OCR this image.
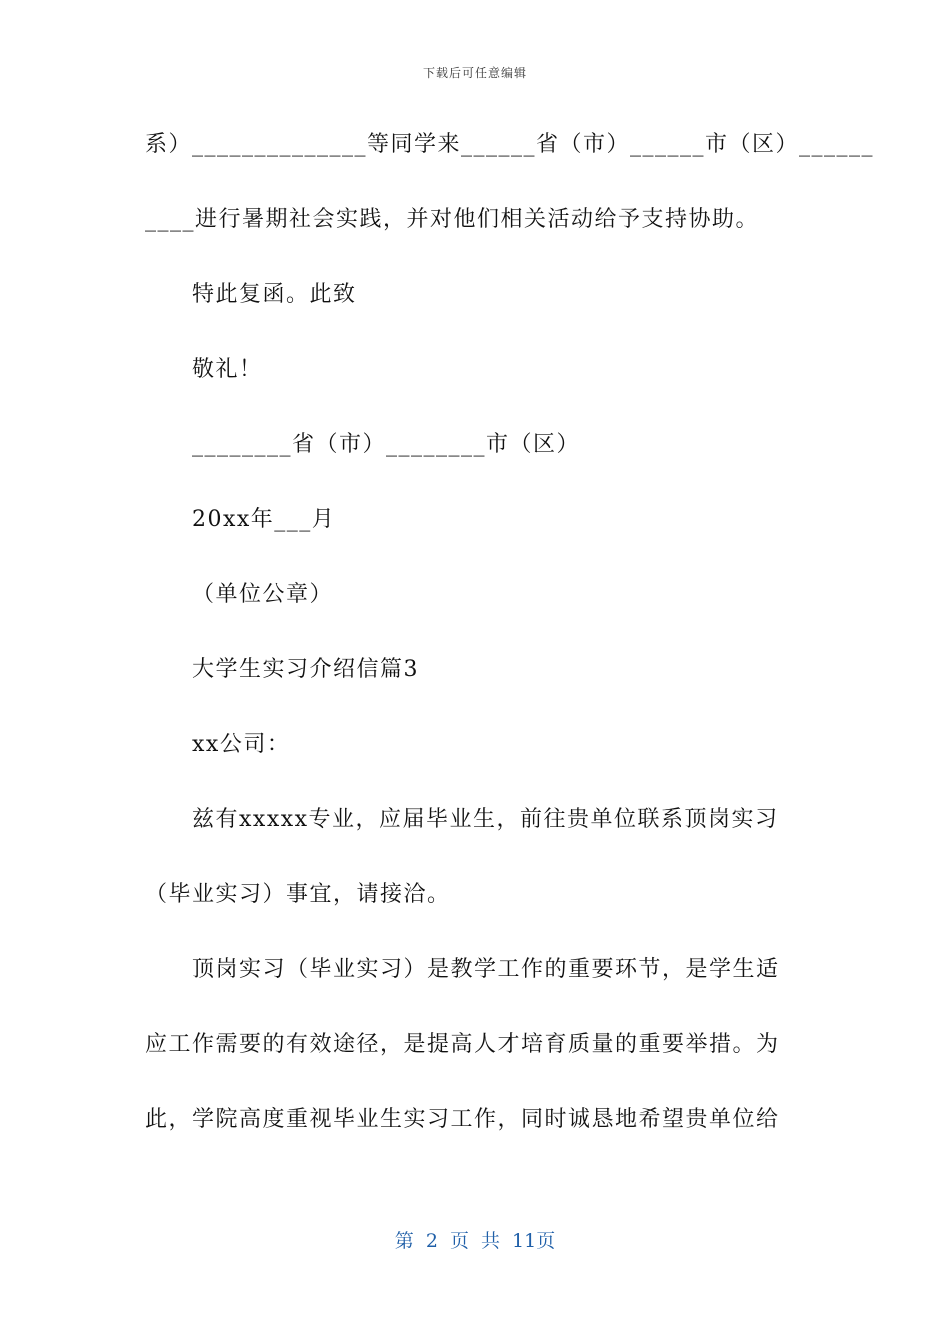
下载后可任意编辑
系）______________等同学来______省（市）______市（区）______
____进行暑期社会实践，并对他们相关活动给予支持协助。
特此复函。此致
敬礼！
________省（市）________市（区）
20xx年___月
（单位公章）
大学生实习介绍信篇3
xx公司：
兹有xxxxx专业，应届毕业生，前往贵单位联系顶岗实习
（毕业实习）事宜，请接洽。
顶岗实习（毕业实习）是教学工作的重要环节，是学生适
应工作需要的有效途径，是提高人才培育质量的重要举措。为
此，学院高度重视毕业生实习工作，同时诚恳地希望贵单位给
第 2 页 共 11页
